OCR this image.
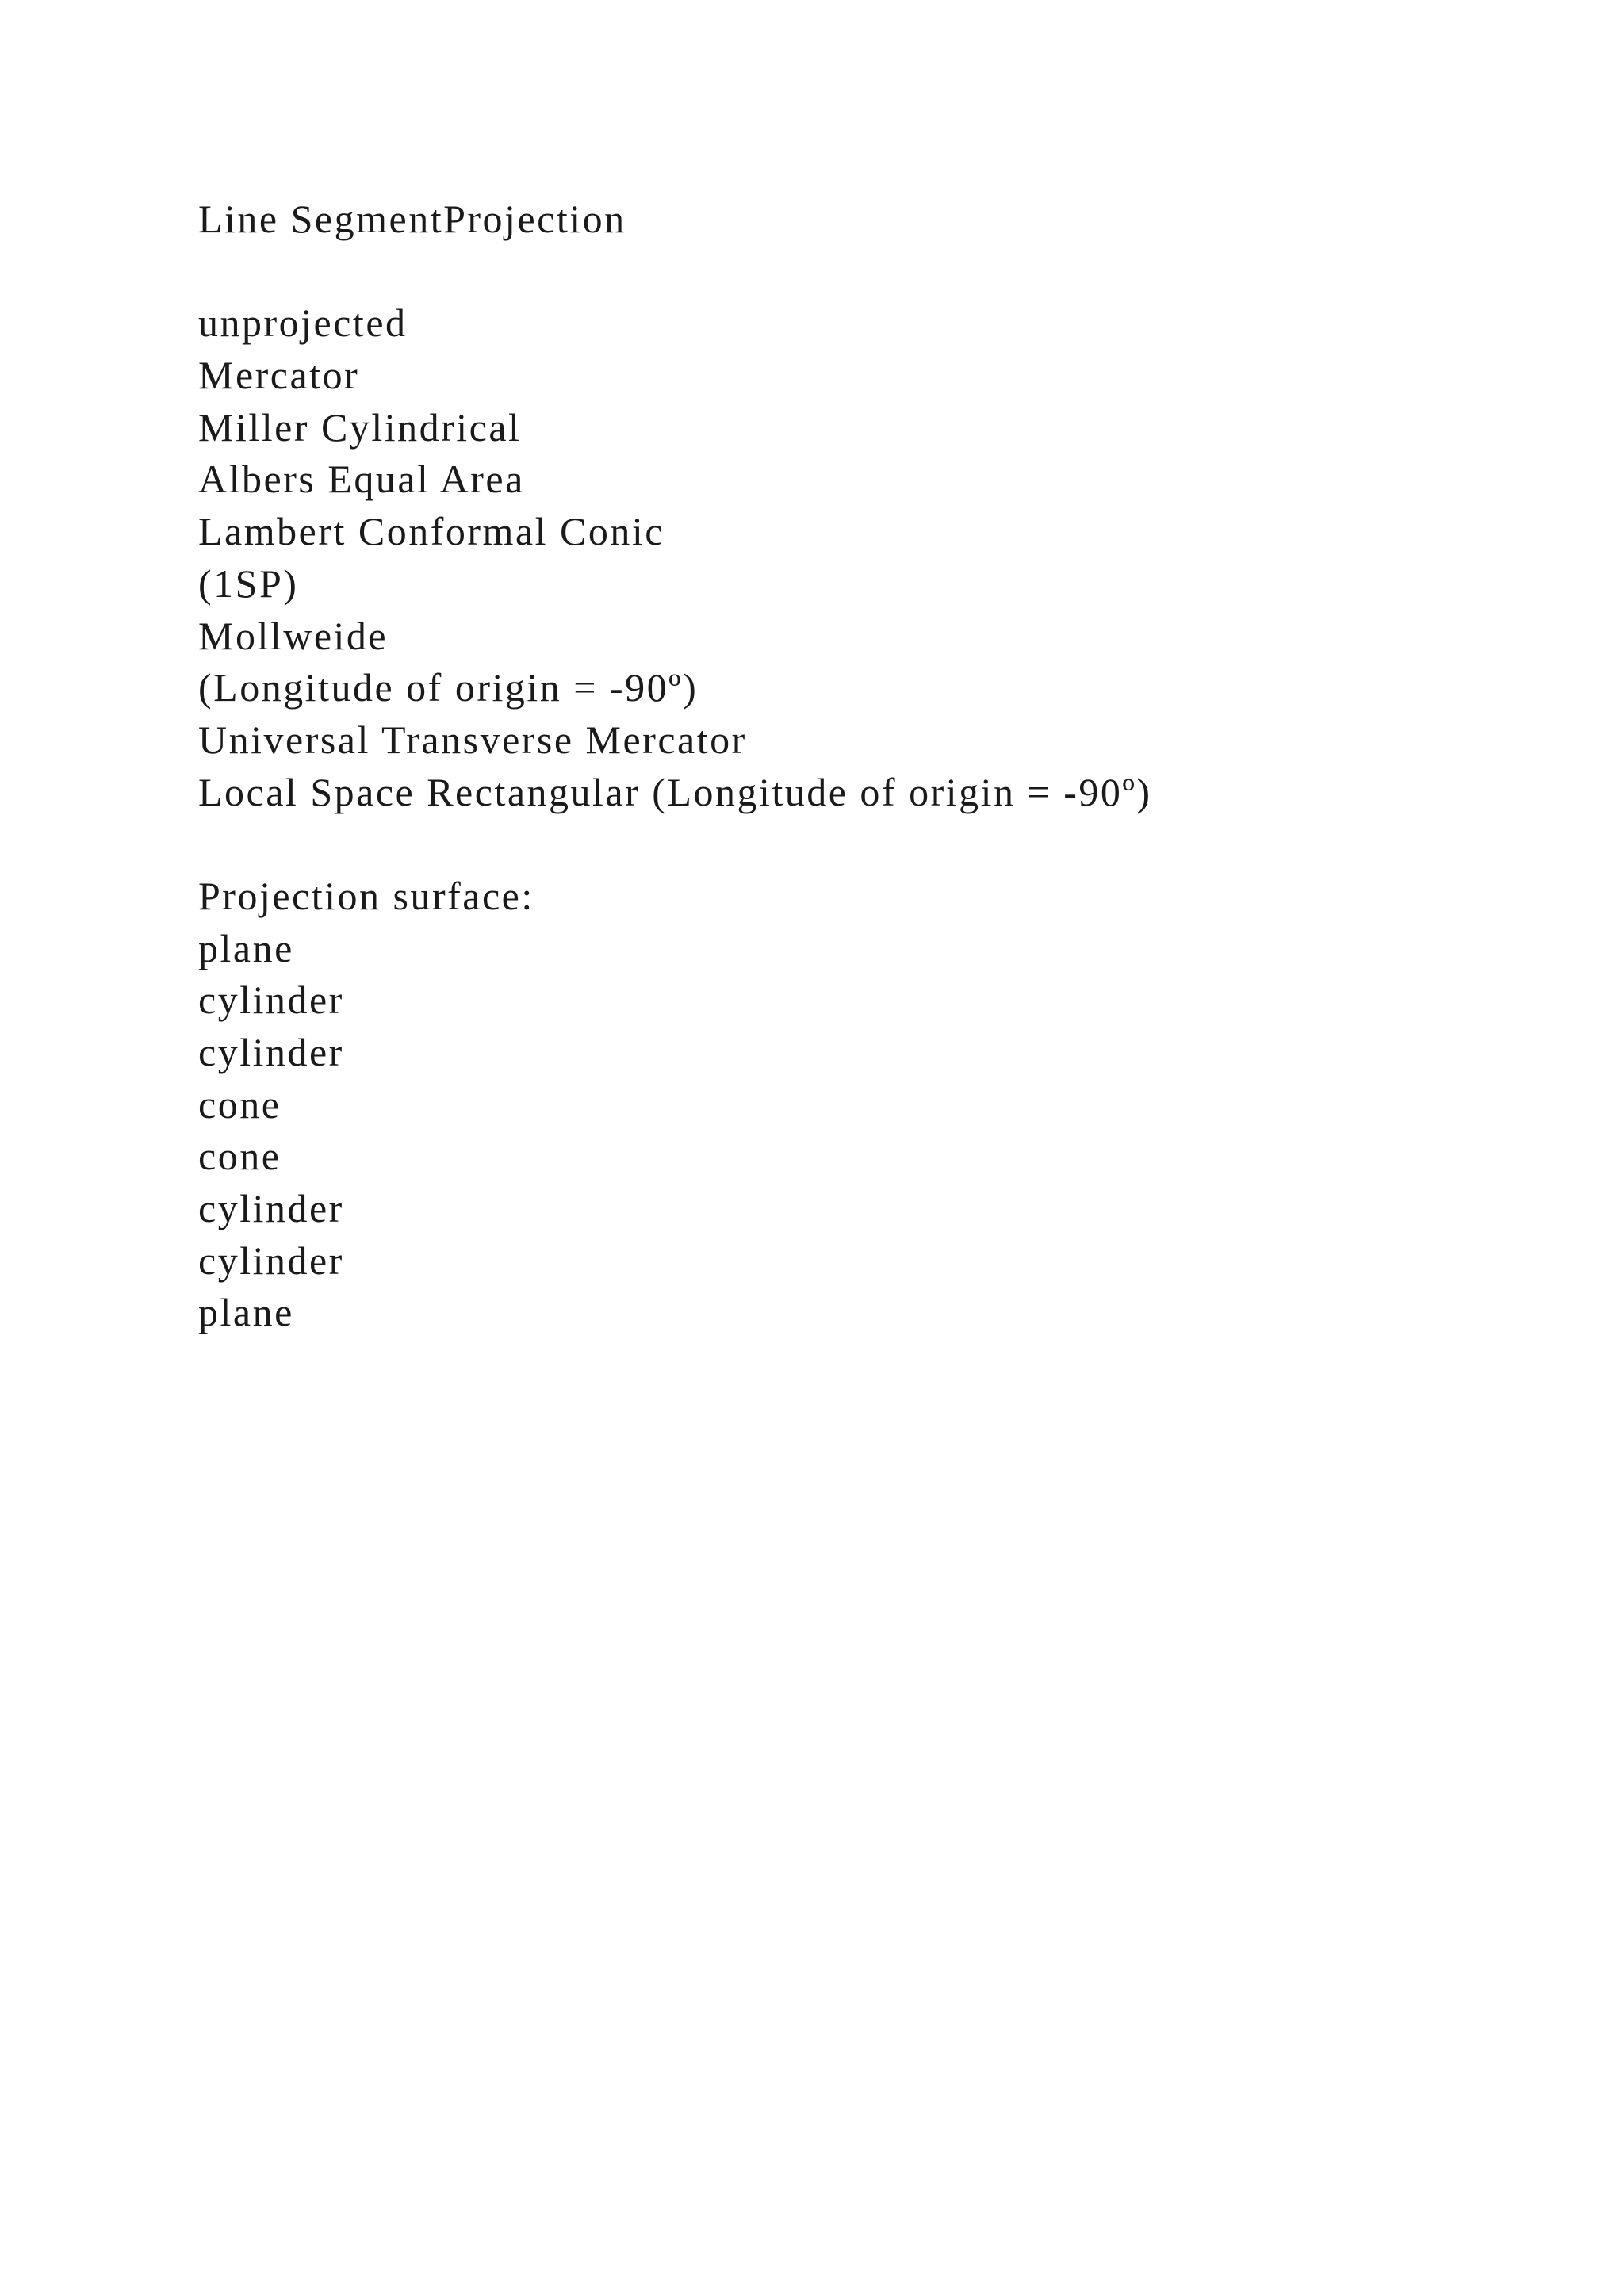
Line SegmentProjection
unprojected
Mercator
Miller Cylindrical
Albers Equal Area
Lambert Conformal Conic
(1SP)
Mollweide
(Longitude of origin = -90º)
Universal Transverse Mercator
Local Space Rectangular (Longitude of origin = -90º)
Projection surface:
plane
cylinder
cylinder
cone
cone
cylinder
cylinder
plane
